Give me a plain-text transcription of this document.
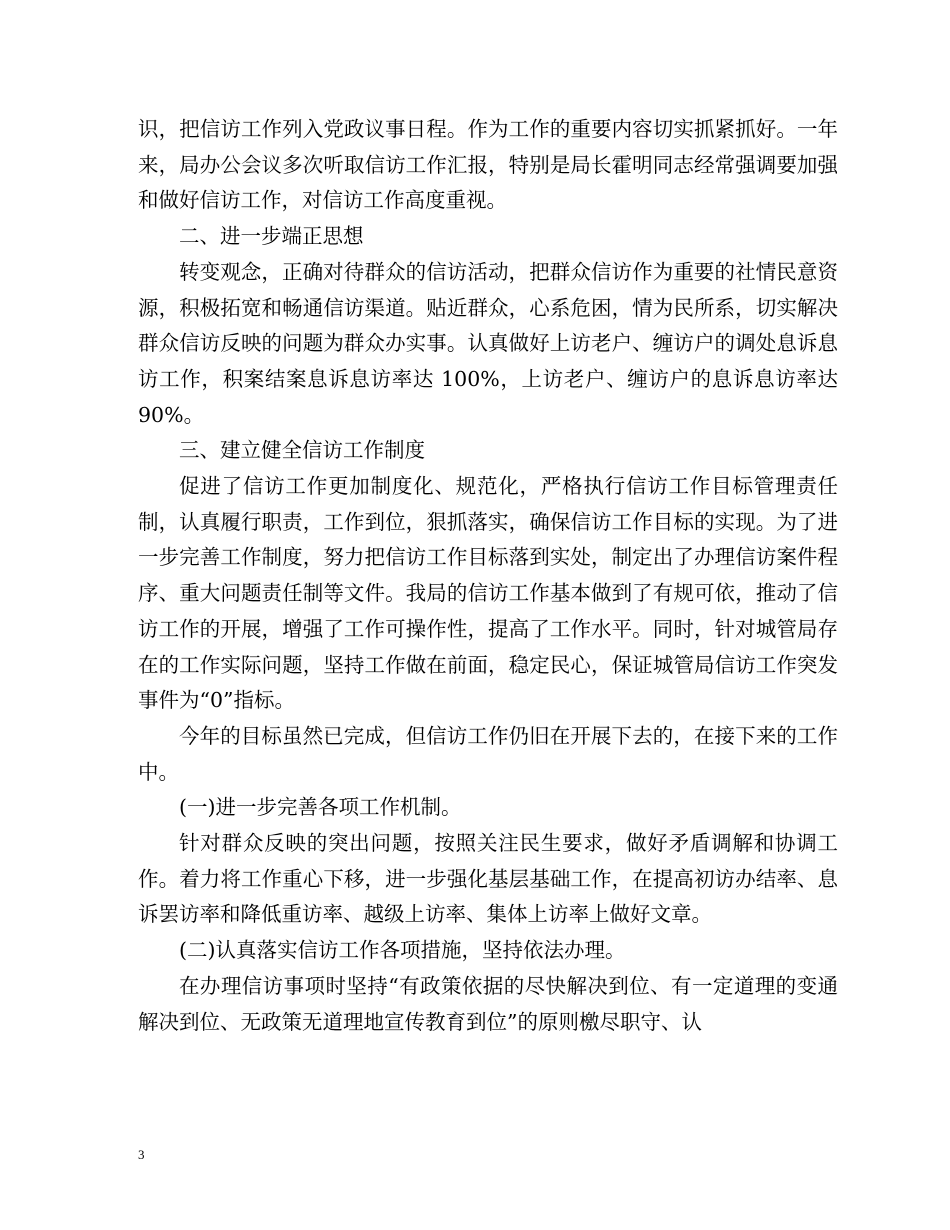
识，把信访工作列入党政议事日程。作为工作的重要内容切实抓紧抓好。一年来，局办公会议多次听取信访工作汇报，特别是局长霍明同志经常强调要加强和做好信访工作，对信访工作高度重视。

二、进一步端正思想

转变观念，正确对待群众的信访活动，把群众信访作为重要的社情民意资源，积极拓宽和畅通信访渠道。贴近群众，心系危困，情为民所系，切实解决群众信访反映的问题为群众办实事。认真做好上访老户、缠访户的调处息诉息访工作，积案结案息诉息访率达 100%，上访老户、缠访户的息诉息访率达 90%。

三、建立健全信访工作制度

促进了信访工作更加制度化、规范化，严格执行信访工作目标管理责任制，认真履行职责，工作到位，狠抓落实，确保信访工作目标的实现。为了进一步完善工作制度，努力把信访工作目标落到实处，制定出了办理信访案件程序、重大问题责任制等文件。我局的信访工作基本做到了有规可依，推动了信访工作的开展，增强了工作可操作性，提高了工作水平。同时，针对城管局存在的工作实际问题，坚持工作做在前面，稳定民心，保证城管局信访工作突发事件为“0”指标。

今年的目标虽然已完成，但信访工作仍旧在开展下去的，在接下来的工作中。

(一)进一步完善各项工作机制。

针对群众反映的突出问题，按照关注民生要求，做好矛盾调解和协调工作。着力将工作重心下移，进一步强化基层基础工作，在提高初访办结率、息诉罢访率和降低重访率、越级上访率、集体上访率上做好文章。

(二)认真落实信访工作各项措施，坚持依法办理。

在办理信访事项时坚持“有政策依据的尽快解决到位、有一定道理的变通解决到位、无政策无道理地宣传教育到位”的原则檄尽职守、认

3
